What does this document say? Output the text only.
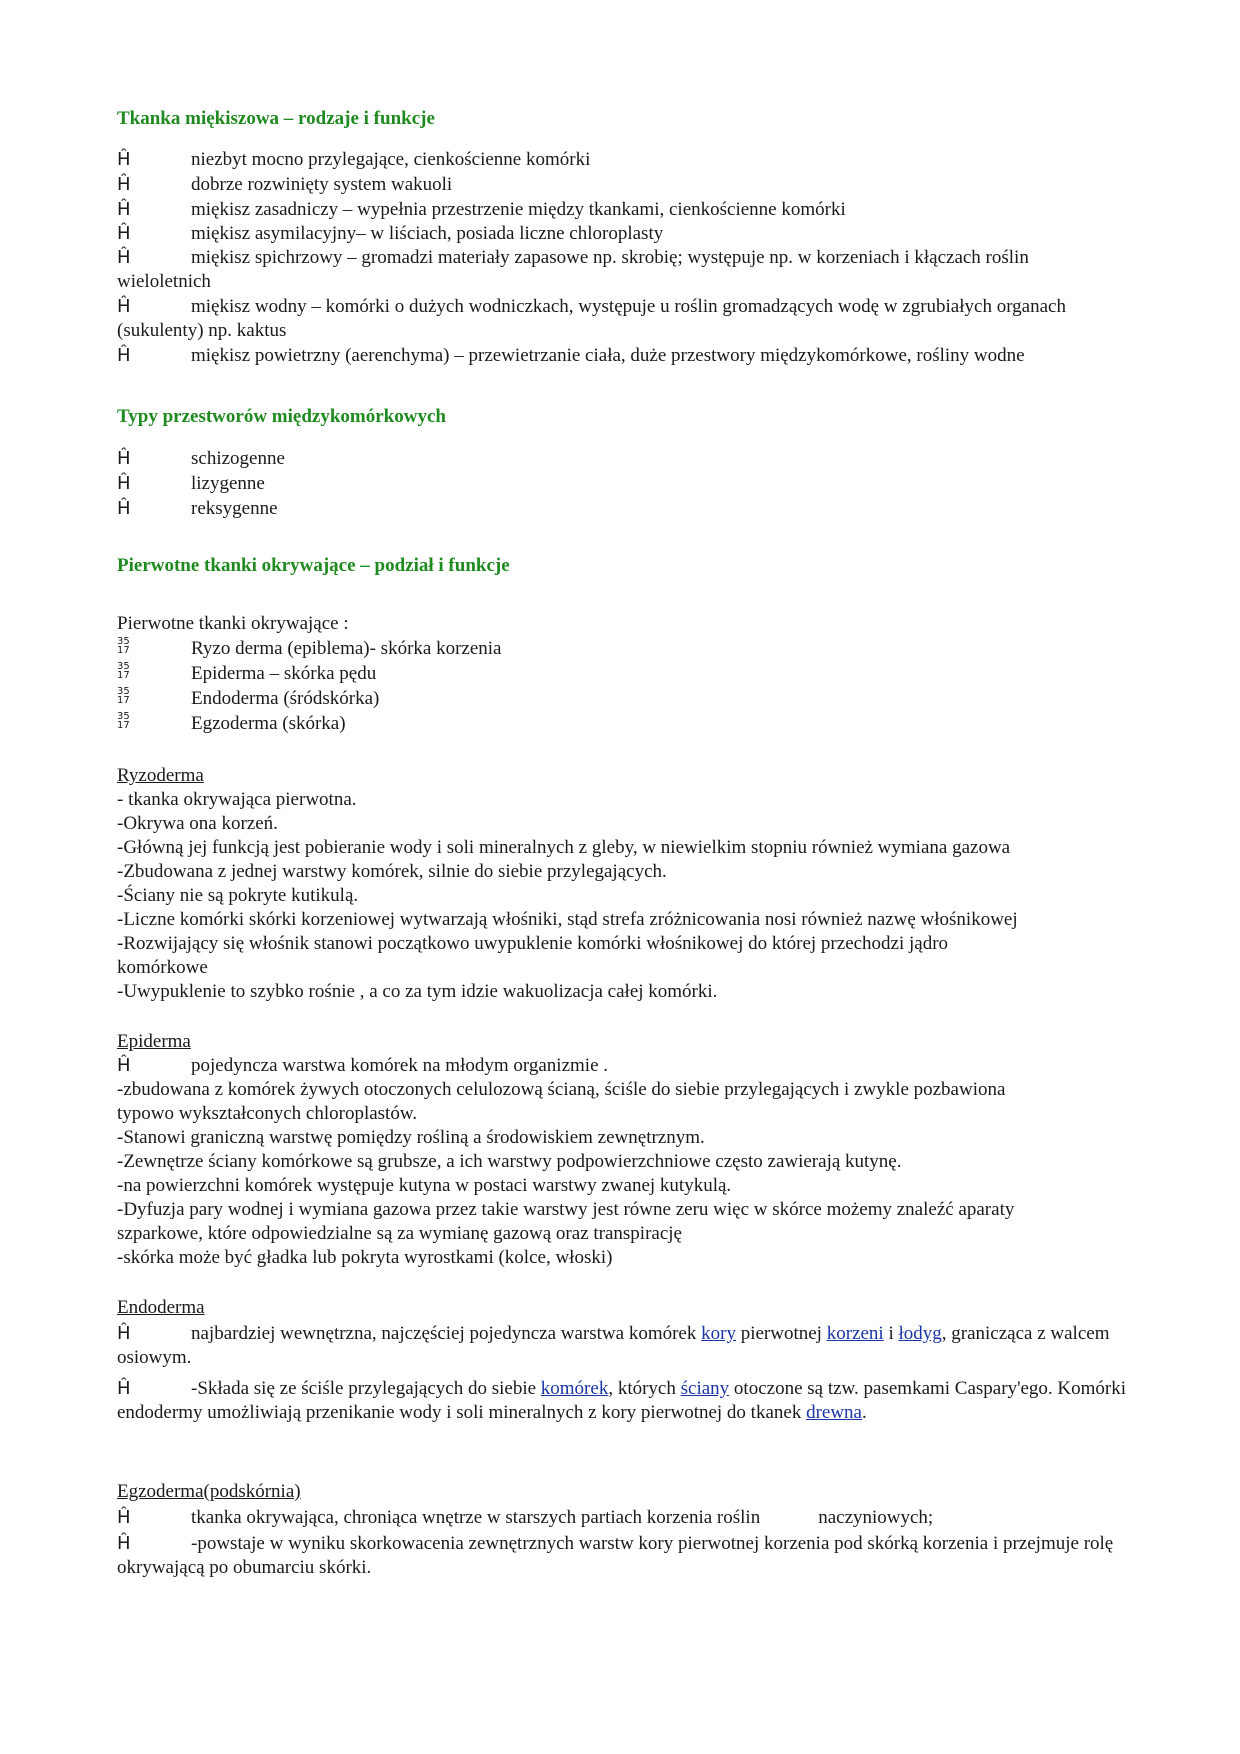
Tkanka miękiszowa – rodzaje i funkcje
Ĥ	niezbyt mocno przylegające, cienkościenne komórki
Ĥ	dobrze rozwinięty system wakuoli
Ĥ	miękisz zasadniczy – wypełnia przestrzenie między tkankami, cienkościenne komórki
Ĥ	miękisz asymilacyjny– w liściach, posiada liczne chloroplasty
Ĥ	miękisz spichrzowy – gromadzi materiały zapasowe np. skrobię; występuje np. w korzeniach i kłączach roślin wieloletnich
Ĥ	miękisz wodny – komórki o dużych wodniczkach, występuje u roślin gromadzących wodę w zgrubiałych organach (sukulenty) np. kaktus
Ĥ	miękisz powietrzny (aerenchyma) – przewietrzanie ciała, duże przestwory międzykomórkowe, rośliny wodne
Typy przestworów międzykomórkowych
Ĥ	schizogenne
Ĥ	lizygenne
Ĥ	reksygenne
Pierwotne tkanki okrywające – podział i funkcje
Pierwotne tkanki okrywające :
35
17	Ryzo derma (epiblema)- skórka korzenia
35
17	Epiderma – skórka pędu
35
17	Endoderma (śródskórka)
35
17	Egzoderma (skórka)
Ryzoderma
- tkanka okrywająca pierwotna.
-Okrywa ona korzeń.
-Główną jej funkcją jest pobieranie wody i soli mineralnych z gleby, w niewielkim stopniu również wymiana gazowa
-Zbudowana z jednej warstwy komórek, silnie do siebie przylegających.
-Ściany nie są pokryte kutikulą.
-Liczne komórki skórki korzeniowej wytwarzają włośniki, stąd strefa zróżnicowania nosi również nazwę włośnikowej
-Rozwijający się włośnik stanowi początkowo uwypuklenie komórki włośnikowej do której przechodzi jądro
komórkowe
-Uwypuklenie to szybko rośnie , a co za tym idzie wakuolizacja całej komórki.
Epiderma
Ĥ	pojedyncza warstwa komórek na młodym organizmie .
-zbudowana z komórek żywych otoczonych celulozową ścianą, ściśle do siebie przylegających i zwykle pozbawiona
typowo wykształconych chloroplastów.
-Stanowi graniczną warstwę pomiędzy rośliną a środowiskiem zewnętrznym.
-Zewnętrze ściany komórkowe są grubsze, a ich warstwy podpowierzchniowe często zawierają kutynę.
-na powierzchni komórek występuje kutyna w postaci warstwy zwanej kutykulą.
-Dyfuzja pary wodnej i wymiana gazowa przez takie warstwy jest równe zeru więc w skórce możemy znaleźć aparaty
szparkowe, które odpowiedzialne są za wymianę gazową oraz transpirację
-skórka może być gładka lub pokryta wyrostkami (kolce, włoski)
Endoderma
Ĥ	najbardziej wewnętrzna, najczęściej pojedyncza warstwa komórek kory pierwotnej korzeni i łodyg, granicząca z walcem osiowym.
Ĥ	-Składa się ze ściśle przylegających do siebie komórek, których ściany otoczone są tzw. pasemkami Caspary'ego. Komórki endodermy umożliwiają przenikanie wody i soli mineralnych z kory pierwotnej do tkanek drewna.
Egzoderma(podskórnia)
Ĥ	tkanka okrywająca, chroniąca wnętrze w starszych partiach korzenia roślin	naczyniowych;
Ĥ	-powstaje w wyniku skorkowacenia zewnętrznych warstw kory pierwotnej korzenia pod skórką korzenia i przejmuje rolę okrywającą po obumarciu skórki.
